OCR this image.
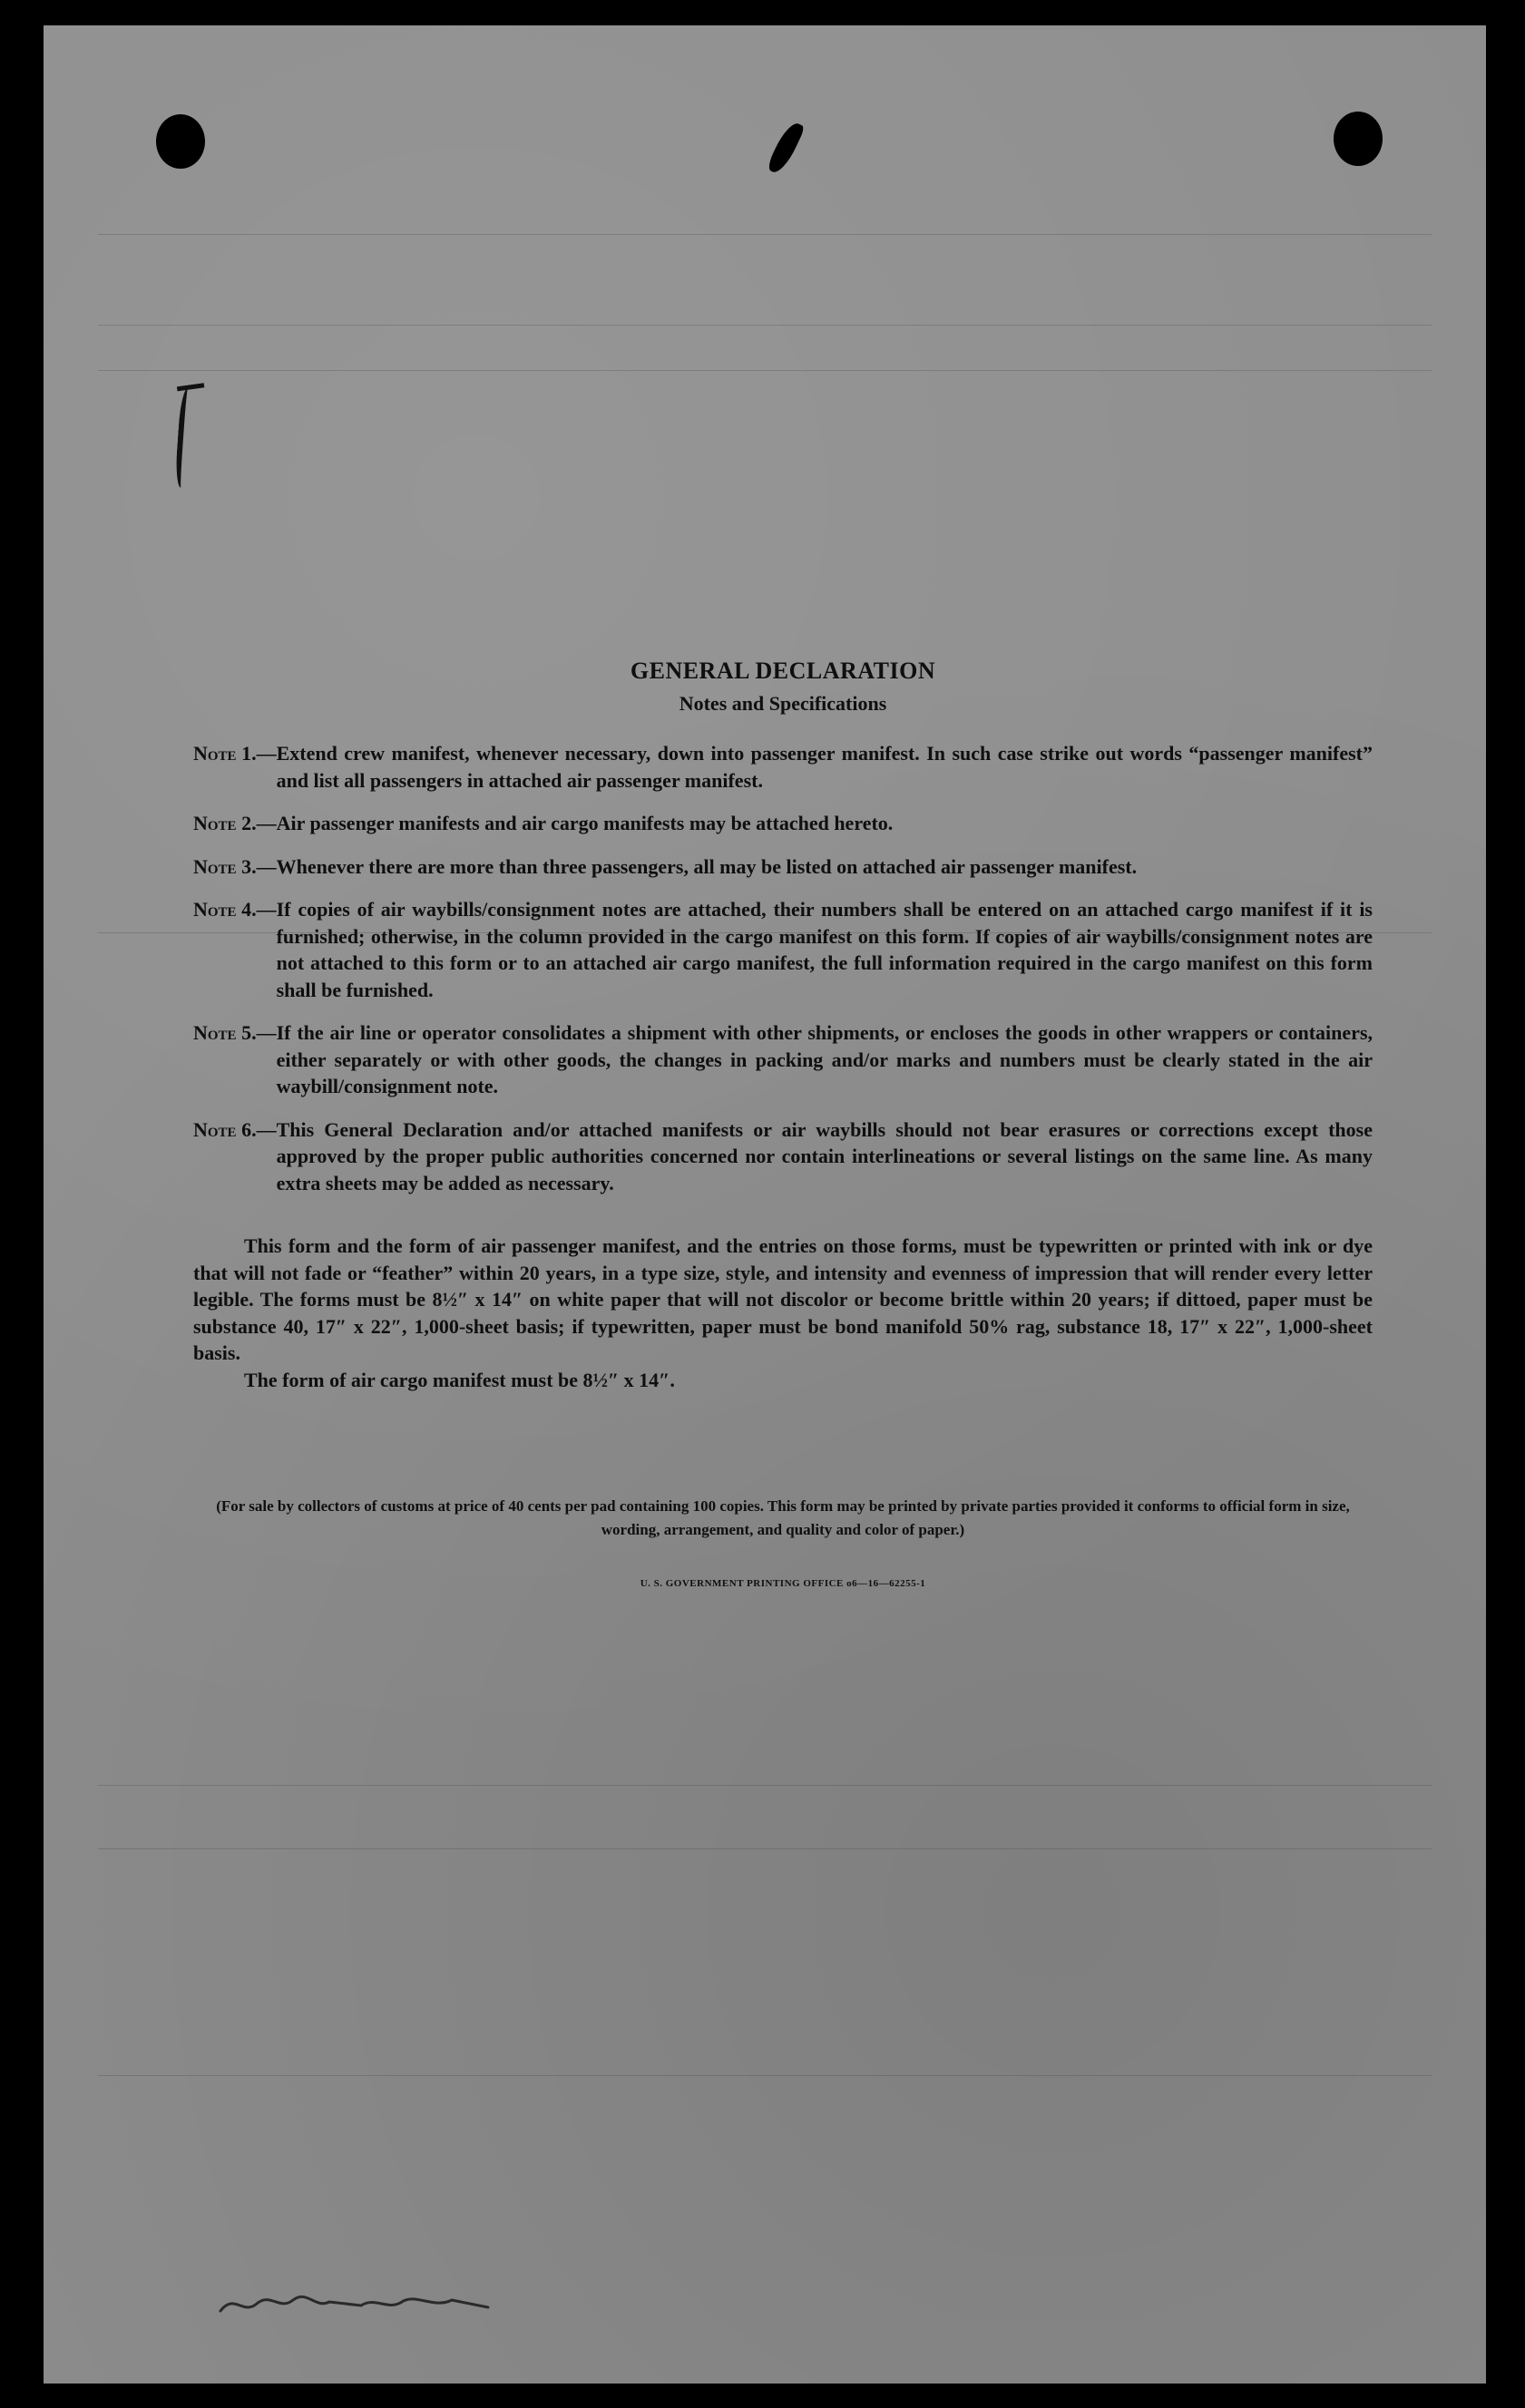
GENERAL DECLARATION
Notes and Specifications
Note 1.— Extend crew manifest, whenever necessary, down into passenger manifest. In such case strike out words “passenger manifest” and list all passengers in attached air passenger manifest.
Note 2.— Air passenger manifests and air cargo manifests may be attached hereto.
Note 3.— Whenever there are more than three passengers, all may be listed on attached air passenger manifest.
Note 4.— If copies of air waybills/consignment notes are attached, their numbers shall be entered on an attached cargo manifest if it is furnished; otherwise, in the column provided in the cargo manifest on this form. If copies of air waybills/consignment notes are not attached to this form or to an attached air cargo manifest, the full information required in the cargo manifest on this form shall be furnished.
Note 5.— If the air line or operator consolidates a shipment with other shipments, or encloses the goods in other wrappers or containers, either separately or with other goods, the changes in packing and/or marks and numbers must be clearly stated in the air waybill/consignment note.
Note 6.— This General Declaration and/or attached manifests or air waybills should not bear erasures or corrections except those approved by the proper public authorities concerned nor contain interlineations or several listings on the same line. As many extra sheets may be added as necessary.
This form and the form of air passenger manifest, and the entries on those forms, must be typewritten or printed with ink or dye that will not fade or “feather” within 20 years, in a type size, style, and intensity and evenness of impression that will render every letter legible. The forms must be 8½″ x 14″ on white paper that will not discolor or become brittle within 20 years; if dittoed, paper must be substance 40, 17″ x 22″, 1,000-sheet basis; if typewritten, paper must be bond manifold 50% rag, substance 18, 17″ x 22″, 1,000-sheet basis.
The form of air cargo manifest must be 8½″ x 14″.
(For sale by collectors of customs at price of 40 cents per pad containing 100 copies. This form may be printed by private parties provided it conforms to official form in size, wording, arrangement, and quality and color of paper.)
U. S. GOVERNMENT PRINTING OFFICE o6—16—62255-1
